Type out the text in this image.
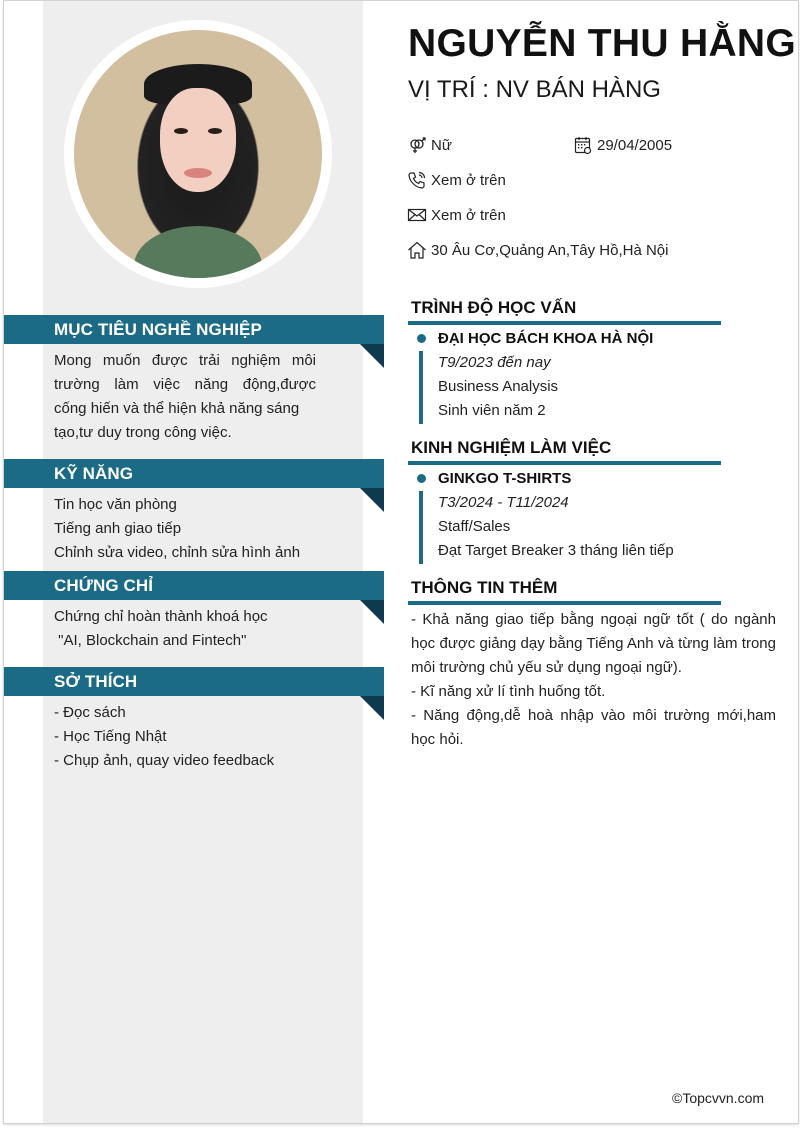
MỤC TIÊU NGHỀ NGHIỆP
Mong muốn được trải nghiệm môi
trường làm việc năng động,được
cống hiến và thể hiện khả năng sáng
tạo,tư duy trong công việc.
KỸ NĂNG
Tin học văn phòng
Tiếng anh giao tiếp
Chỉnh sửa video, chỉnh sửa hình ảnh
CHỨNG CHỈ
Chứng chỉ hoàn thành khoá học
"AI, Blockchain and Fintech"
SỞ THÍCH
- Đọc sách
- Học Tiếng Nhật
- Chụp ảnh, quay video feedback
NGUYỄN THU HẰNG
VỊ TRÍ : NV BÁN HÀNG
Nữ	29/04/2005
Xem ở trên
Xem ở trên
30 Âu Cơ,Quảng An,Tây Hồ,Hà Nội
TRÌNH ĐỘ HỌC VẤN
ĐẠI HỌC BÁCH KHOA HÀ NỘI
T9/2023 đến nay
Business Analysis
Sinh viên năm 2
KINH NGHIỆM LÀM VIỆC
GINKGO T-SHIRTS
T3/2024 - T11/2024
Staff/Sales
Đạt Target Breaker 3 tháng liên tiếp
THÔNG TIN THÊM
- Khả năng giao tiếp bằng ngoại ngữ tốt ( do ngành học được giảng dạy bằng Tiếng Anh và từng làm trong môi trường chủ yếu sử dụng ngoại ngữ).
- Kĩ năng xử lí tình huống tốt.
- Năng động,dễ hoà nhập vào môi trường mới,ham học hỏi.
©Topcvvn.com
